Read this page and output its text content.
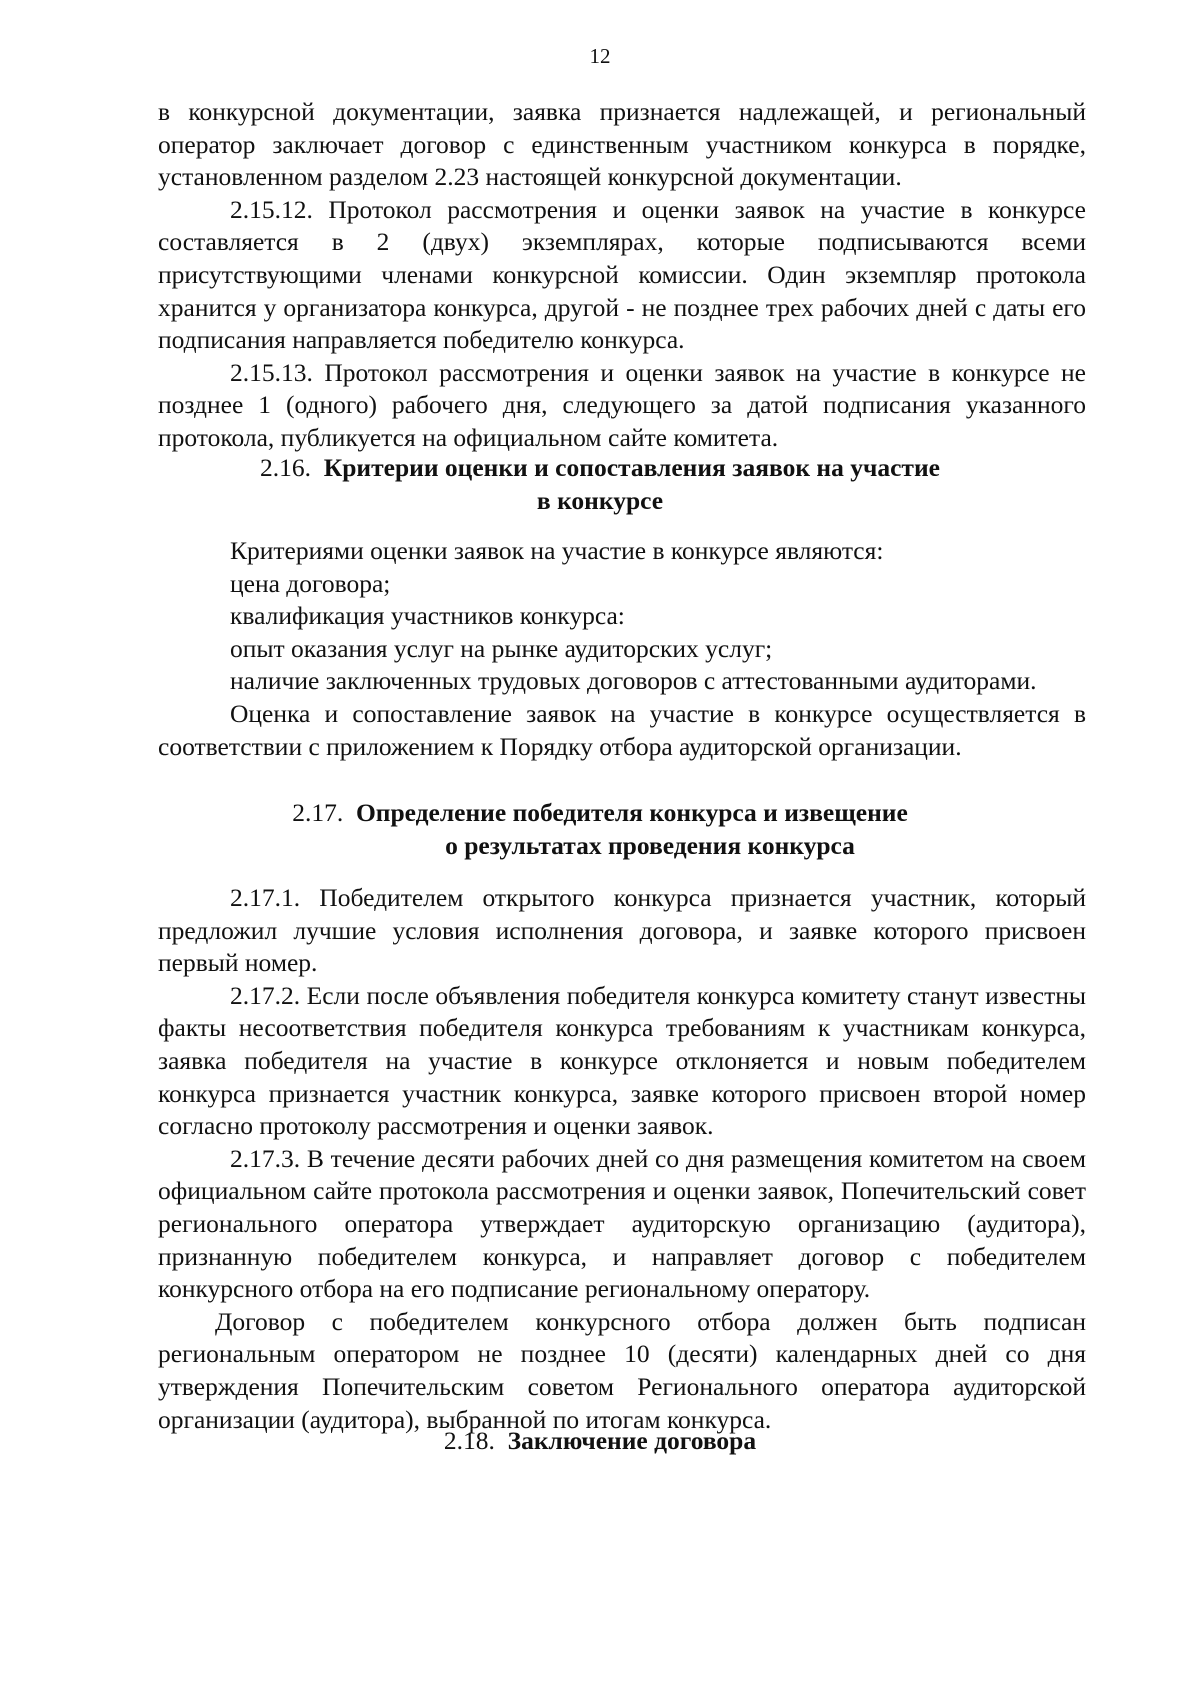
12

в конкурсной документации, заявка признается надлежащей, и региональный оператор заключает договор с единственным участником конкурса в порядке, установленном разделом 2.23 настоящей конкурсной документации.

2.15.12. Протокол рассмотрения и оценки заявок на участие в конкурсе составляется в 2 (двух) экземплярах, которые подписываются всеми присутствующими членами конкурсной комиссии. Один экземпляр протокола хранится у организатора конкурса, другой - не позднее трех рабочих дней с даты его подписания направляется победителю конкурса.

2.15.13. Протокол рассмотрения и оценки заявок на участие в конкурсе не позднее 1 (одного) рабочего дня, следующего за датой подписания указанного протокола, публикуется на официальном сайте комитета.

2.16. Критерии оценки и сопоставления заявок на участие
в конкурсе

Критериями оценки заявок на участие в конкурсе являются:

цена договора;

квалификация участников конкурса:

опыт оказания услуг на рынке аудиторских услуг;

наличие заключенных трудовых договоров с аттестованными аудиторами.

Оценка и сопоставление заявок на участие в конкурсе осуществляется в соответствии с приложением к Порядку отбора аудиторской организации.

2.17. Определение победителя конкурса и извещение
о результатах проведения конкурса

2.17.1. Победителем открытого конкурса признается участник, который предложил лучшие условия исполнения договора, и заявке которого присвоен первый номер.

2.17.2. Если после объявления победителя конкурса комитету станут известны факты несоответствия победителя конкурса требованиям к участникам конкурса, заявка победителя на участие в конкурсе отклоняется и новым победителем конкурса признается участник конкурса, заявке которого присвоен второй номер согласно протоколу рассмотрения и оценки заявок.

2.17.3. В течение десяти рабочих дней со дня размещения комитетом на своем официальном сайте протокола рассмотрения и оценки заявок, Попечительский совет регионального оператора утверждает аудиторскую организацию (аудитора), признанную победителем конкурса, и направляет договор с победителем конкурсного отбора на его подписание региональному оператору.

Договор с победителем конкурсного отбора должен быть подписан региональным оператором не позднее 10 (десяти) календарных дней со дня утверждения Попечительским советом Регионального оператора аудиторской организации (аудитора), выбранной по итогам конкурса.

2.18. Заключение договора
